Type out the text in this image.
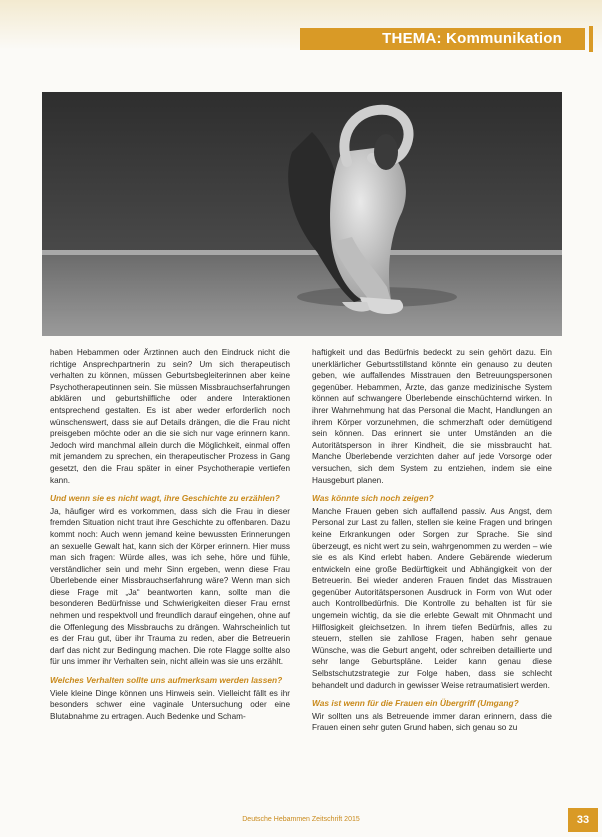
THEMA: Kommunikation

haben Hebammen oder Ärztinnen auch den Eindruck nicht die richtige Ansprechpartnerin zu sein? Um sich therapeutisch verhalten zu können, müssen Geburtsbegleiterinnen aber keine Psychotherapeutinnen sein. Sie müssen Missbrauchserfahrungen abklären und geburtshilfliche oder andere Interaktionen entsprechend gestalten. Es ist aber weder erforderlich noch wünschenswert, dass sie auf Details drängen, die die Frau nicht preisgeben möchte oder an die sie sich nur vage erinnern kann. Jedoch wird manchmal allein durch die Möglichkeit, einmal offen mit jemandem zu sprechen, ein therapeutischer Prozess in Gang gesetzt, den die Frau später in einer Psychotherapie vertiefen kann.

Und wenn sie es nicht wagt, ihre Geschichte zu erzählen?

Ja, häufiger wird es vorkommen, dass sich die Frau in dieser fremden Situation nicht traut ihre Geschichte zu offenbaren. Dazu kommt noch: Auch wenn jemand keine bewussten Erinnerungen an sexuelle Gewalt hat, kann sich der Körper erinnern. Hier muss man sich fragen: Würde alles, was ich sehe, höre und fühle, verständlicher sein und mehr Sinn ergeben, wenn diese Frau Überlebende einer Missbrauchserfahrung wäre? Wenn man sich diese Frage mit „Ja“ beantworten kann, sollte man die besonderen Bedürfnisse und Schwierigkeiten dieser Frau ernst nehmen und respektvoll und freundlich darauf eingehen, ohne auf die Offenlegung des Missbrauchs zu drängen. Wahrscheinlich tut es der Frau gut, über ihr Trauma zu reden, aber die Betreuerin darf das nicht zur Bedingung machen. Die rote Flagge sollte also für uns immer ihr Verhalten sein, nicht allein was sie uns erzählt.

Welches Verhalten sollte uns aufmerksam werden lassen?

Viele kleine Dinge können uns Hinweis sein. Vielleicht fällt es ihr besonders schwer eine vaginale Untersuchung oder eine Blutabnahme zu ertragen. Auch Bedenke und Scham-

haftigkeit und das Bedürfnis bedeckt zu sein gehört dazu. Ein unerklärlicher Geburtsstillstand könnte ein genauso zu deuten geben, wie auffallendes Misstrauen den Betreuungspersonen gegenüber. Hebammen, Ärzte, das ganze medizinische System können auf schwangere Überlebende einschüchternd wirken. In ihrer Wahrnehmung hat das Personal die Macht, Handlungen an ihrem Körper vorzunehmen, die schmerzhaft oder demütigend sein können. Das erinnert sie unter Umständen an die Autoritätsperson in ihrer Kindheit, die sie missbraucht hat. Manche Überlebende verzichten daher auf jede Vorsorge oder versuchen, sich dem System zu entziehen, indem sie eine Hausgeburt planen.

Was könnte sich noch zeigen?

Manche Frauen geben sich auffallend passiv. Aus Angst, dem Personal zur Last zu fallen, stellen sie keine Fragen und bringen keine Erkrankungen oder Sorgen zur Sprache. Sie sind überzeugt, es nicht wert zu sein, wahrgenommen zu werden – wie sie es als Kind erlebt haben. Andere Gebärende wiederum entwickeln eine große Bedürftigkeit und Abhängigkeit von der Betreuerin. Bei wieder anderen Frauen findet das Misstrauen gegenüber Autoritätspersonen Ausdruck in Form von Wut oder auch Kontrollbedürfnis. Die Kontrolle zu behalten ist für sie ungemein wichtig, da sie die erlebte Gewalt mit Ohnmacht und Hilflosigkeit gleichsetzen. In ihrem tiefen Bedürfnis, alles zu steuern, stellen sie zahllose Fragen, haben sehr genaue Wünsche, was die Geburt angeht, oder schreiben detaillierte und sehr lange Geburtspläne. Leider kann genau diese Selbstschutzstrategie zur Folge haben, dass sie schlecht behandelt und dadurch in gewisser Weise retraumatisiert werden.

Was ist wenn für die Frauen ein Übergriff (Umgang?

Wir sollten uns als Betreuende immer daran erinnern, dass die Frauen einen sehr guten Grund haben, sich genau so zu

Deutsche Hebammen Zeitschrift 2015	33
